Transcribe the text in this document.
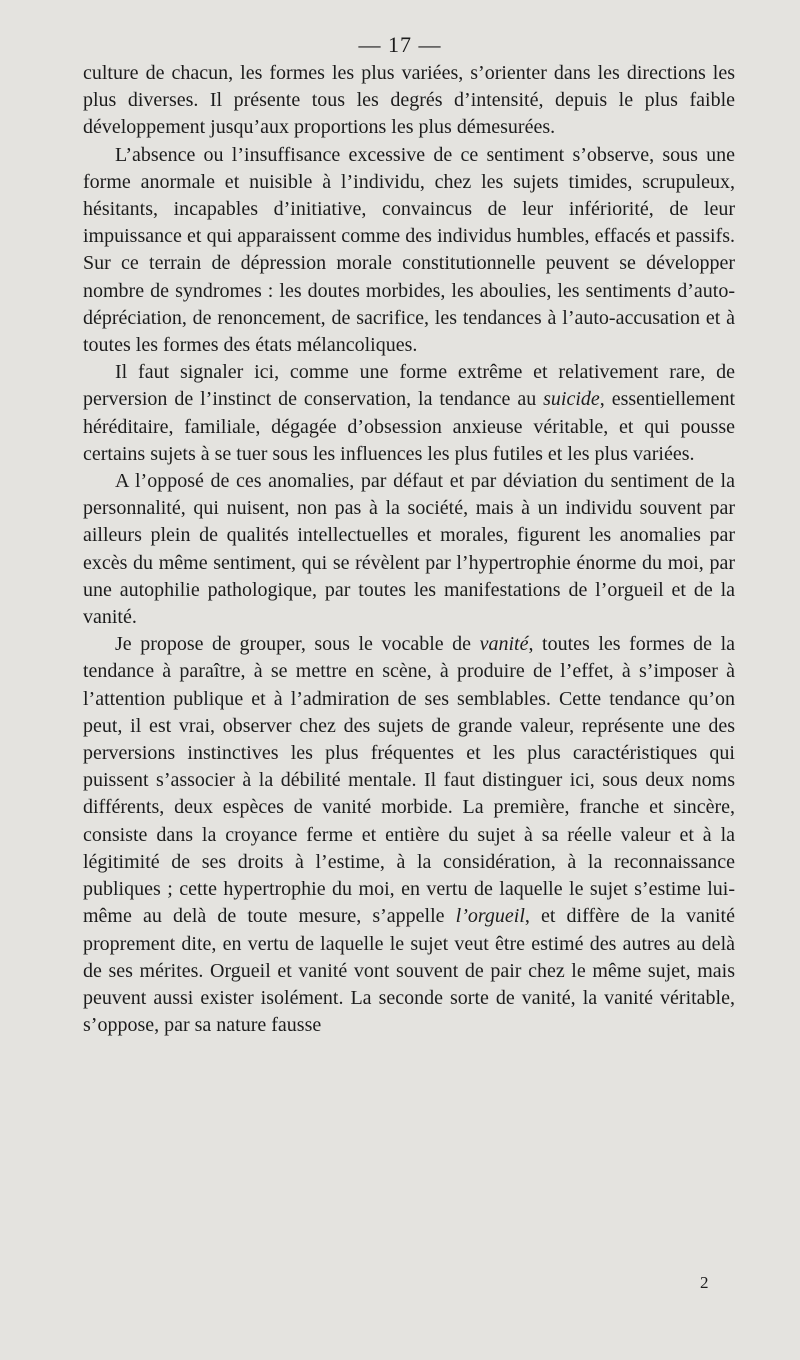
— 17 —

culture de chacun, les formes les plus variées, s’orienter dans les directions les plus diverses. Il présente tous les degrés d’intensité, depuis le plus faible développement jusqu’aux proportions les plus démesurées.

L’absence ou l’insuffisance excessive de ce sentiment s’observe, sous une forme anormale et nuisible à l’individu, chez les sujets timides, scrupuleux, hésitants, incapables d’initiative, convaincus de leur infériorité, de leur impuissance et qui apparaissent comme des individus humbles, effacés et passifs. Sur ce terrain de dépression morale constitutionnelle peuvent se développer nombre de syndromes : les doutes morbides, les aboulies, les sentiments d’auto-dépréciation, de renoncement, de sacrifice, les tendances à l’auto-accusation et à toutes les formes des états mélancoliques.

Il faut signaler ici, comme une forme extrême et relativement rare, de perversion de l’instinct de conservation, la tendance au suicide, essentiellement héréditaire, familiale, dégagée d’obsession anxieuse véritable, et qui pousse certains sujets à se tuer sous les influences les plus futiles et les plus variées.

A l’opposé de ces anomalies, par défaut et par déviation du sentiment de la personnalité, qui nuisent, non pas à la société, mais à un individu souvent par ailleurs plein de qualités intellectuelles et morales, figurent les anomalies par excès du même sentiment, qui se révèlent par l’hypertrophie énorme du moi, par une autophilie pathologique, par toutes les manifestations de l’orgueil et de la vanité.

Je propose de grouper, sous le vocable de vanité, toutes les formes de la tendance à paraître, à se mettre en scène, à produire de l’effet, à s’imposer à l’attention publique et à l’admiration de ses semblables. Cette tendance qu’on peut, il est vrai, observer chez des sujets de grande valeur, représente une des perversions instinctives les plus fréquentes et les plus caractéristiques qui puissent s’associer à la débilité mentale. Il faut distinguer ici, sous deux noms différents, deux espèces de vanité morbide. La première, franche et sincère, consiste dans la croyance ferme et entière du sujet à sa réelle valeur et à la légitimité de ses droits à l’estime, à la considération, à la reconnaissance publiques ; cette hypertrophie du moi, en vertu de laquelle le sujet s’estime lui-même au delà de toute mesure, s’appelle l’orgueil, et diffère de la vanité proprement dite, en vertu de laquelle le sujet veut être estimé des autres au delà de ses mérites. Orgueil et vanité vont souvent de pair chez le même sujet, mais peuvent aussi exister isolément. La seconde sorte de vanité, la vanité véritable, s’oppose, par sa nature fausse

2
